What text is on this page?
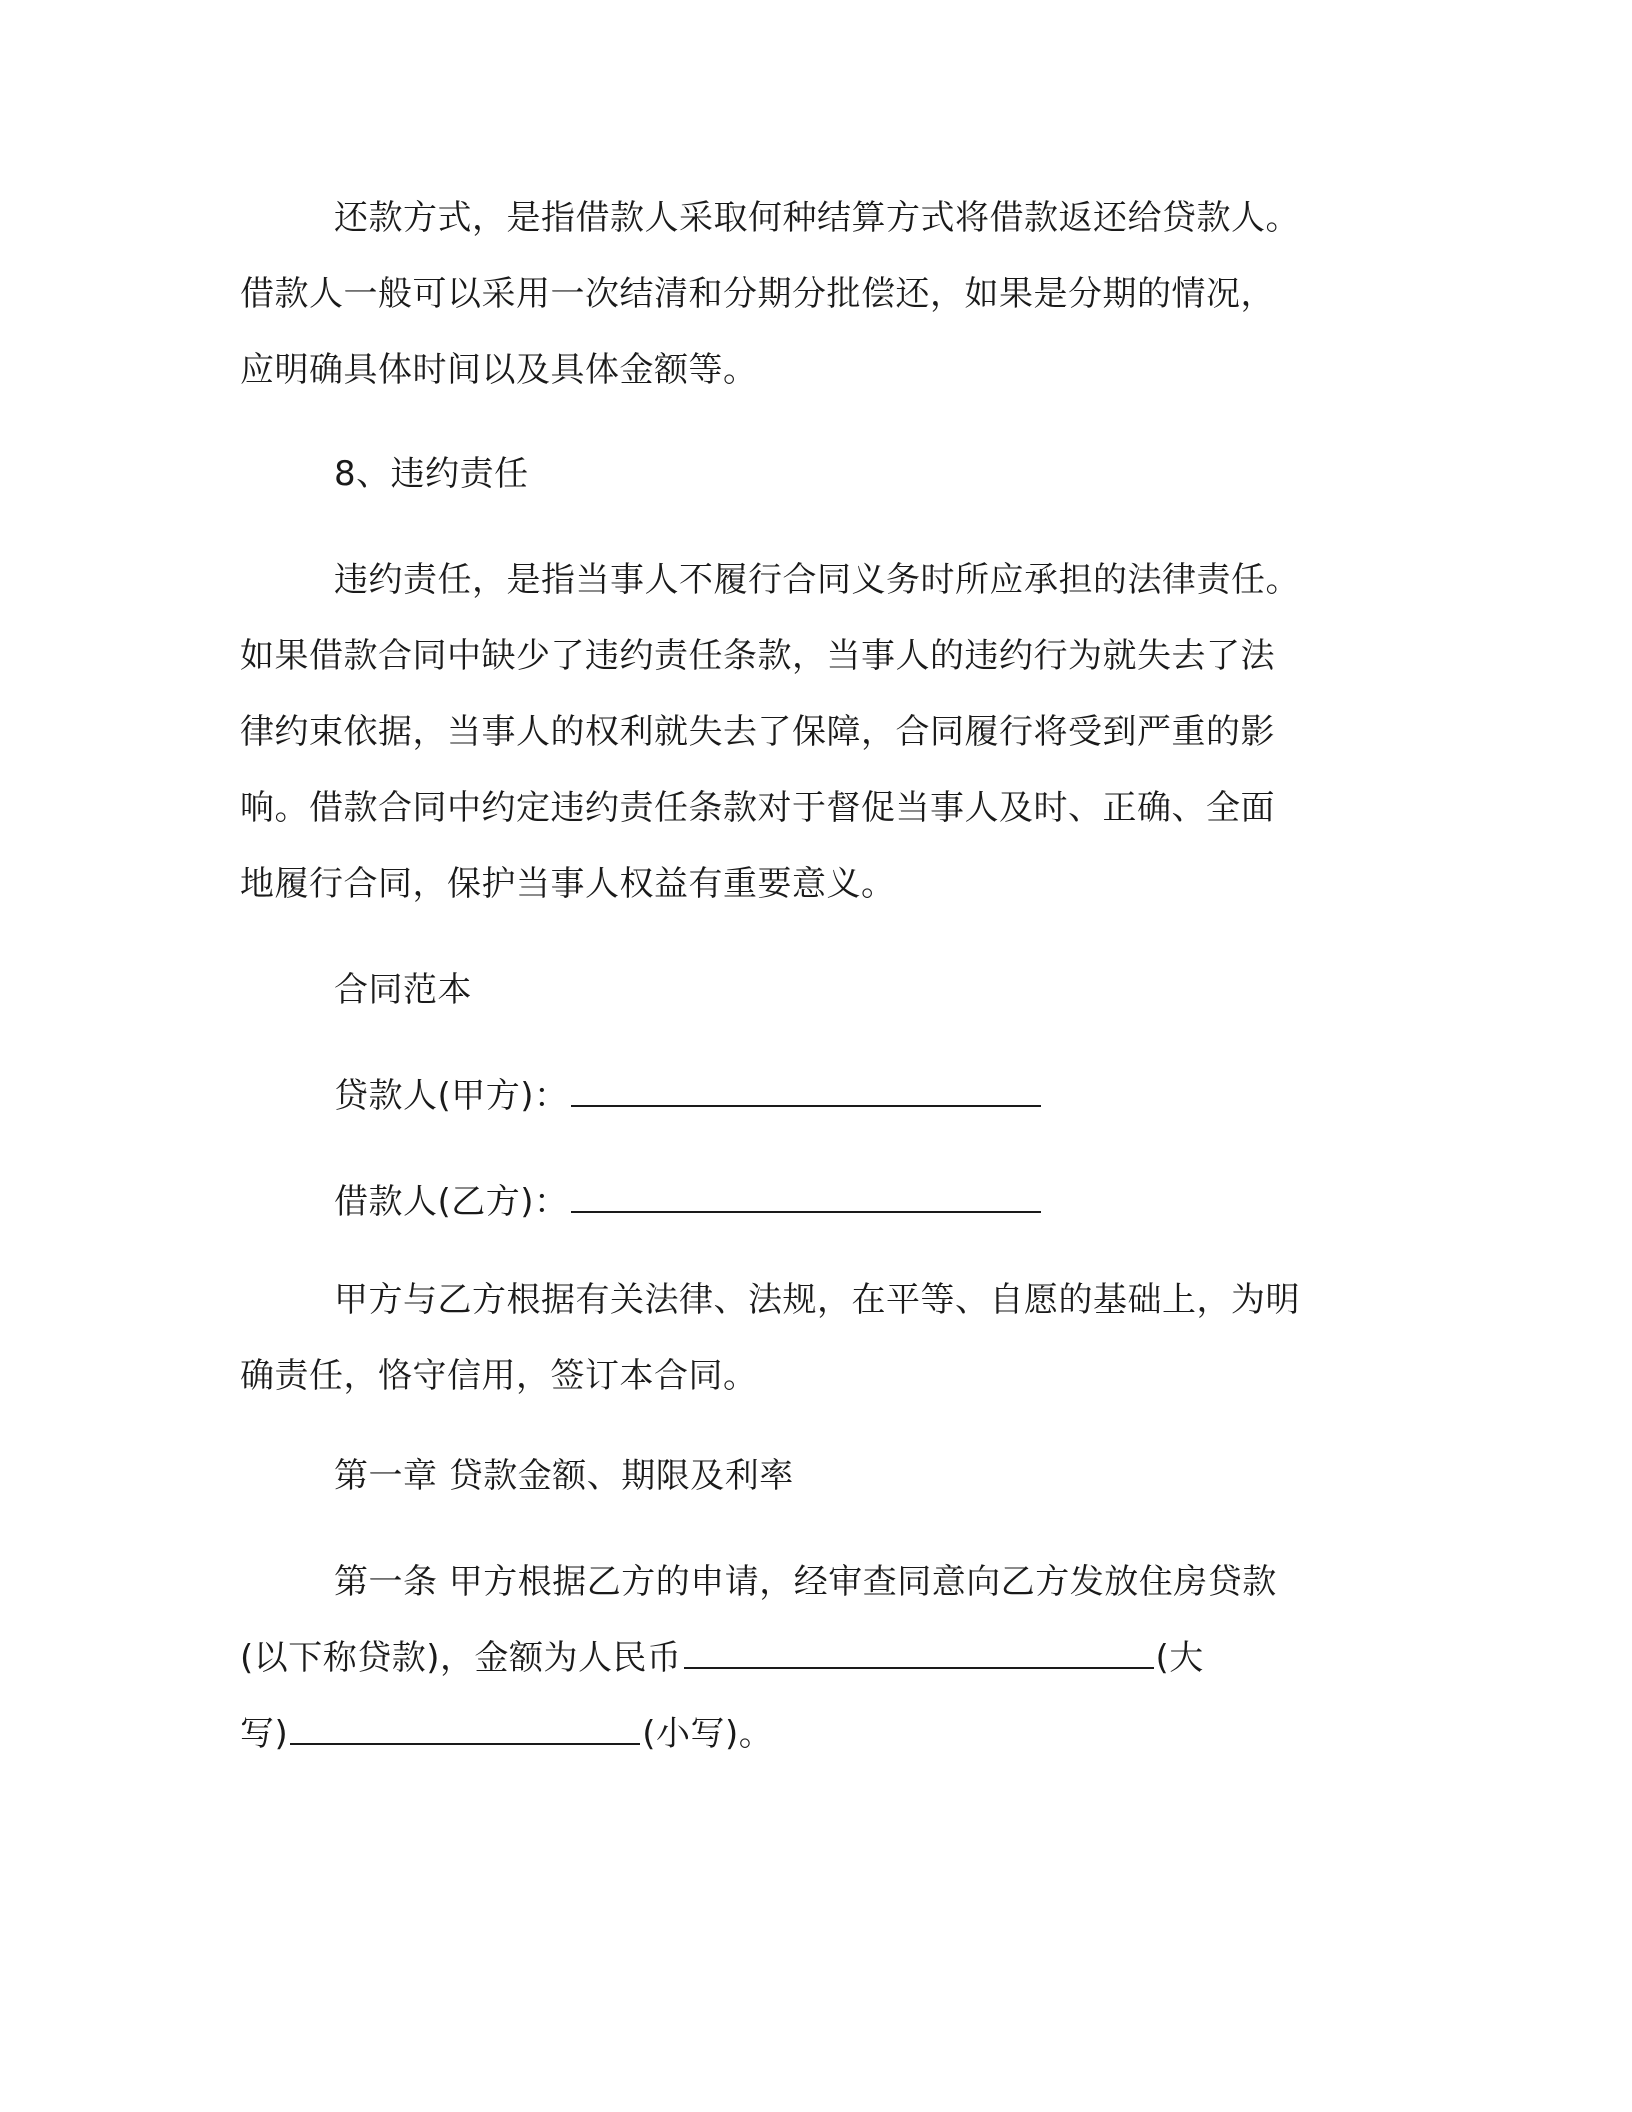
还款方式，是指借款人采取何种结算方式将借款返还给贷款人。
借款人一般可以采用一次结清和分期分批偿还，如果是分期的情况，
应明确具体时间以及具体金额等。
8、违约责任
违约责任，是指当事人不履行合同义务时所应承担的法律责任。
如果借款合同中缺少了违约责任条款，当事人的违约行为就失去了法
律约束依据，当事人的权利就失去了保障，合同履行将受到严重的影
响。借款合同中约定违约责任条款对于督促当事人及时、正确、全面
地履行合同，保护当事人权益有重要意义。
合同范本
贷款人(甲方)：
借款人(乙方)：
甲方与乙方根据有关法律、法规，在平等、自愿的基础上，为明
确责任，恪守信用，签订本合同。
第一章 贷款金额、期限及利率
第一条 甲方根据乙方的申请，经审查同意向乙方发放住房贷款
(以下称贷款)，金额为人民币	(大
写)	(小写)。
